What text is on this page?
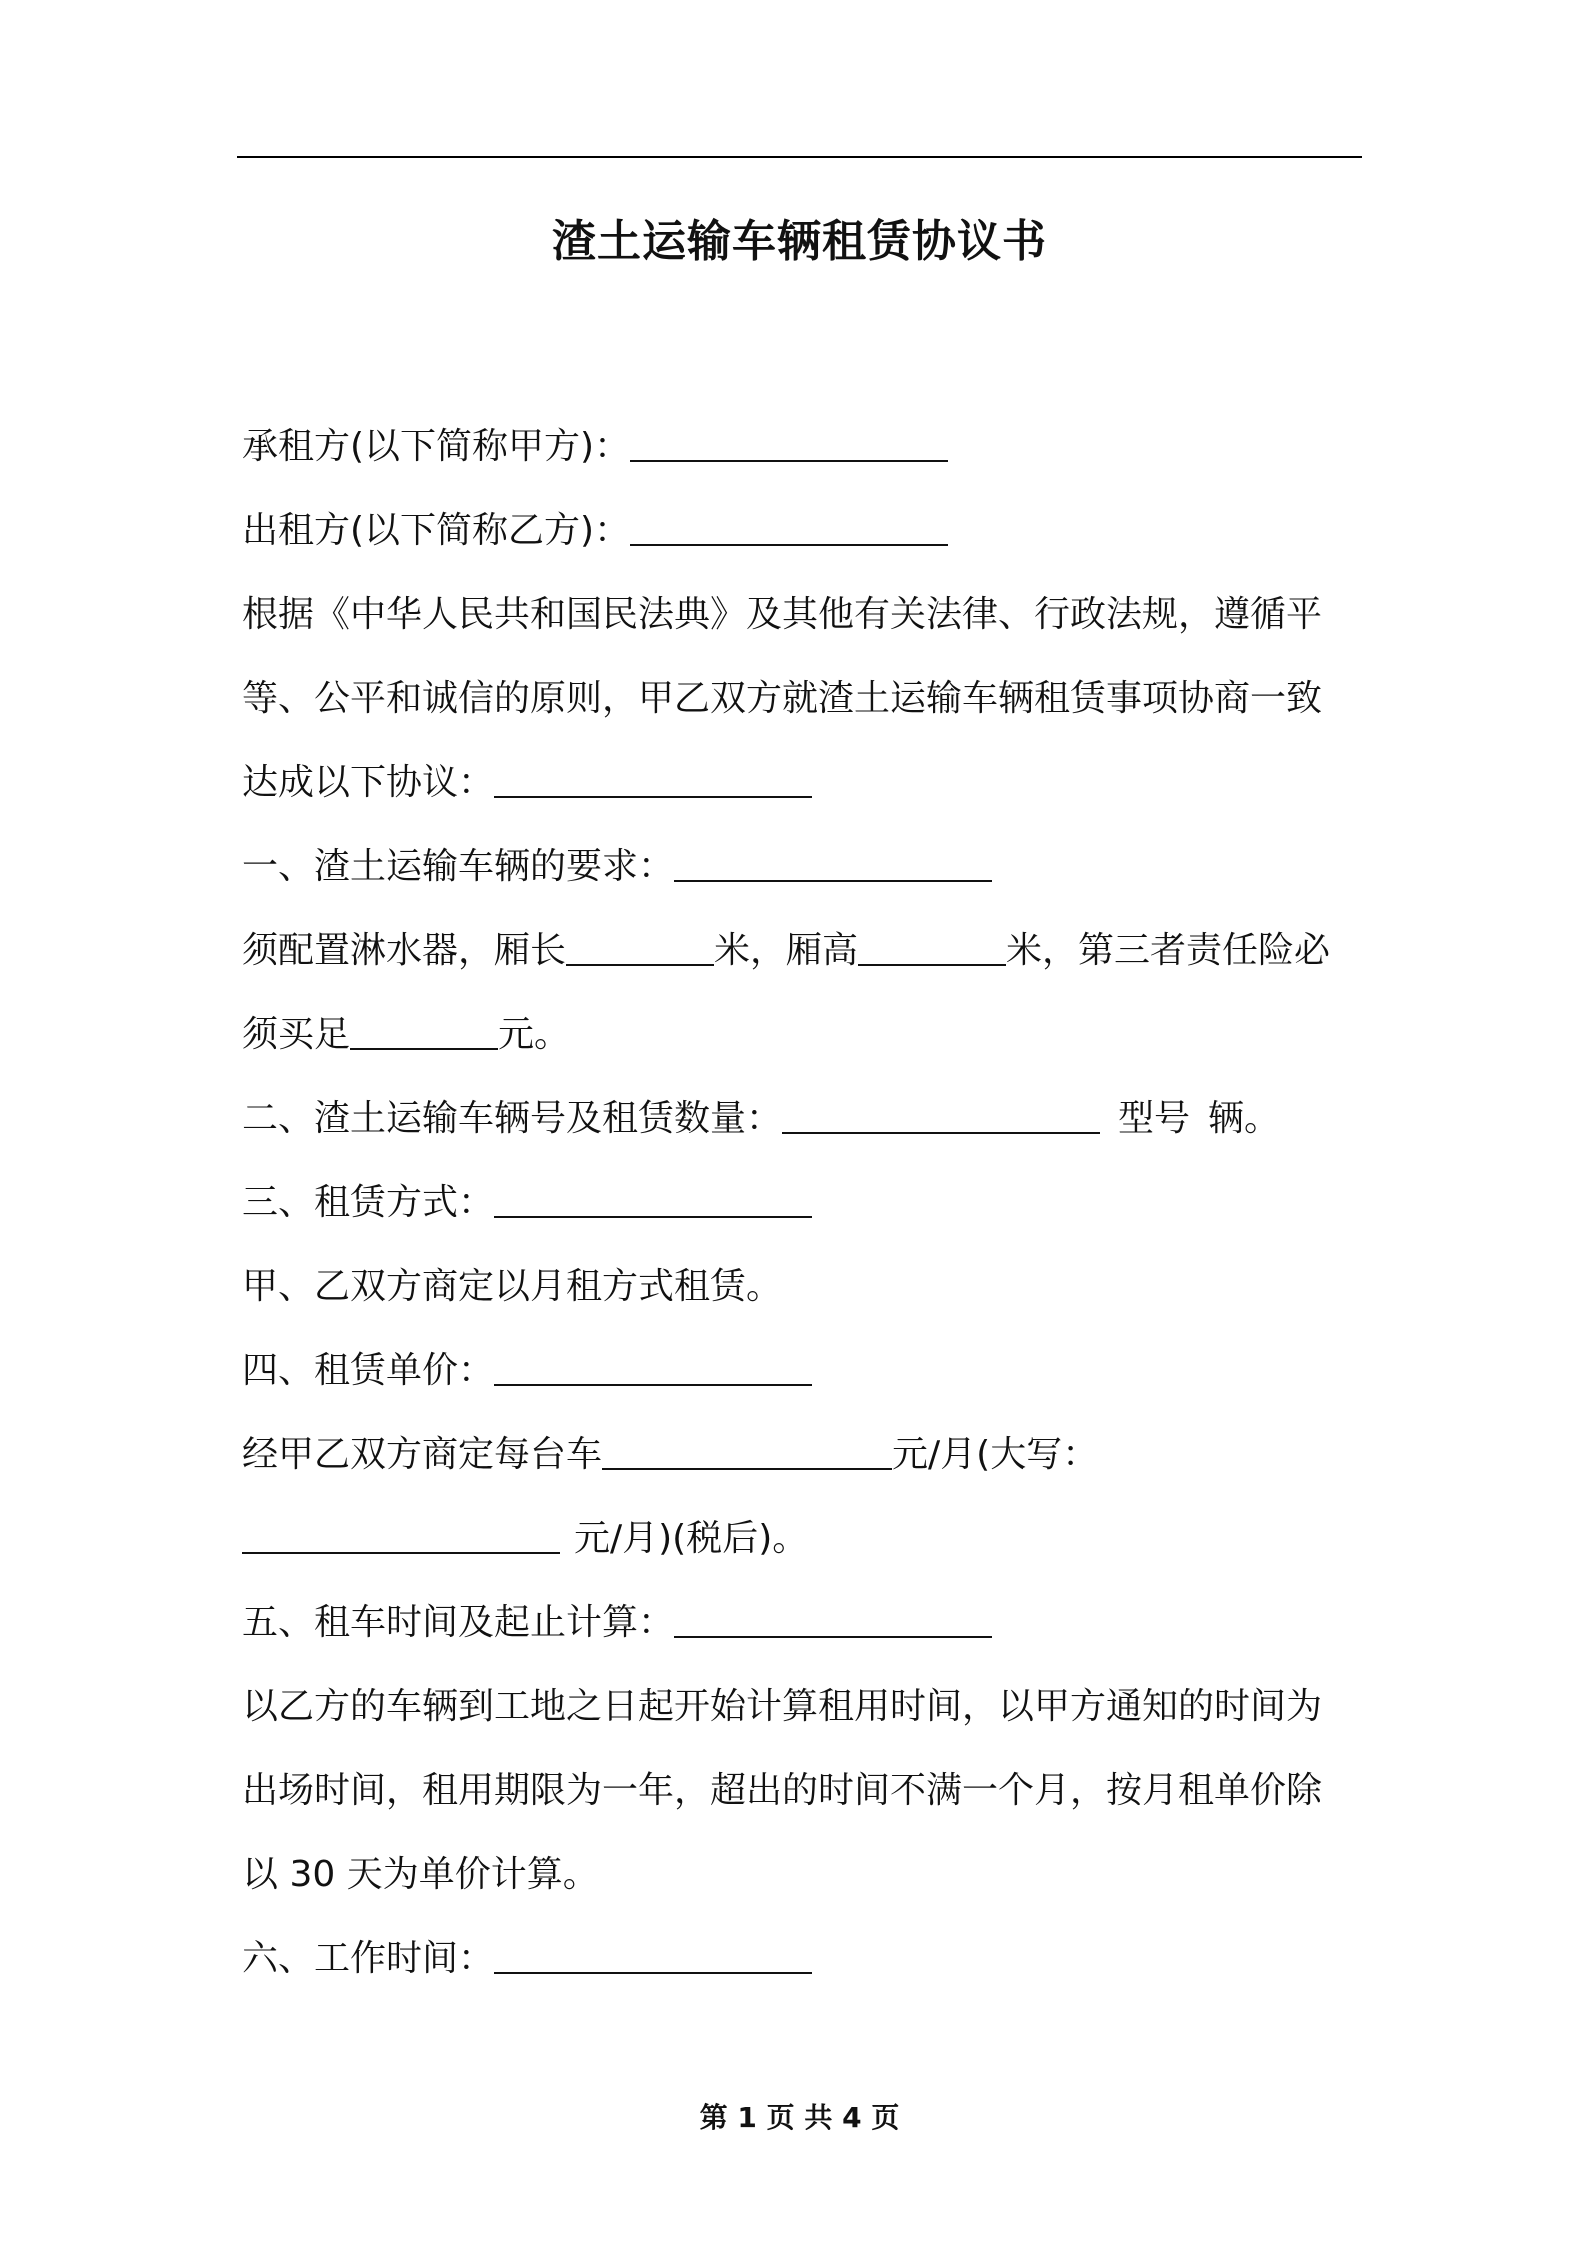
渣土运输车辆租赁协议书
承租方(以下简称甲方)：
出租方(以下简称乙方)：
根据《中华人民共和国民法典》及其他有关法律、行政法规，遵循平
等、公平和诚信的原则，甲乙双方就渣土运输车辆租赁事项协商一致
达成以下协议：
一、渣土运输车辆的要求：
须配置淋水器，厢长	米，厢高	米，第三者责任险必
须买足	元。
二、渣土运输车辆号及租赁数量：	型号 辆。
三、租赁方式：
甲、乙双方商定以月租方式租赁。
四、租赁单价：
经甲乙双方商定每台车	元/月(大写：
元/月)(税后)。
五、租车时间及起止计算：
以乙方的车辆到工地之日起开始计算租用时间，以甲方通知的时间为
出场时间，租用期限为一年，超出的时间不满一个月，按月租单价除
以 30 天为单价计算。
六、工作时间：
第 1 页 共 4 页
